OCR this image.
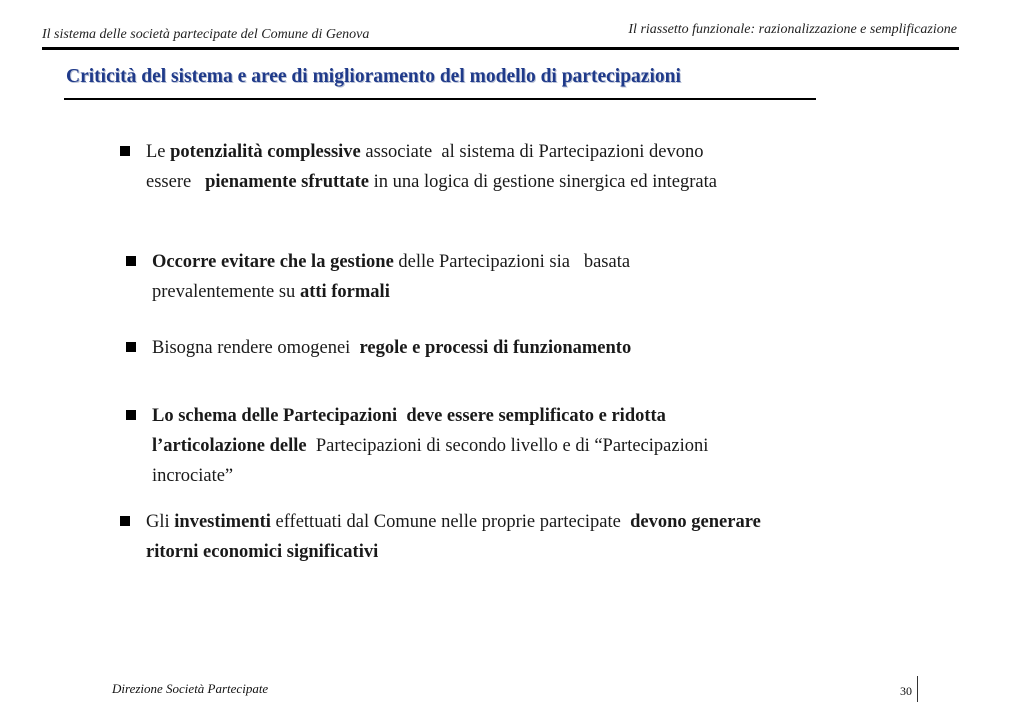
Il sistema delle società partecipate del Comune di Genova	Il riassetto funzionale: razionalizzazione e semplificazione
Criticità del sistema e aree di miglioramento del modello di partecipazioni
Le potenzialità complessive associate  al sistema di Partecipazioni devono
essere   pienamente sfruttate in una logica di gestione sinergica ed integrata
Occorre evitare che la gestione delle Partecipazioni sia   basata
prevalentemente su atti formali
Bisogna rendere omogenei  regole e processi di funzionamento
Lo schema delle Partecipazioni  deve essere semplificato e ridotta
l’articolazione delle  Partecipazioni di secondo livello e di “Partecipazioni
incrociate”
Gli investimenti effettuati dal Comune nelle proprie partecipate  devono generare
ritorni economici significativi
Direzione Società Partecipate	30
